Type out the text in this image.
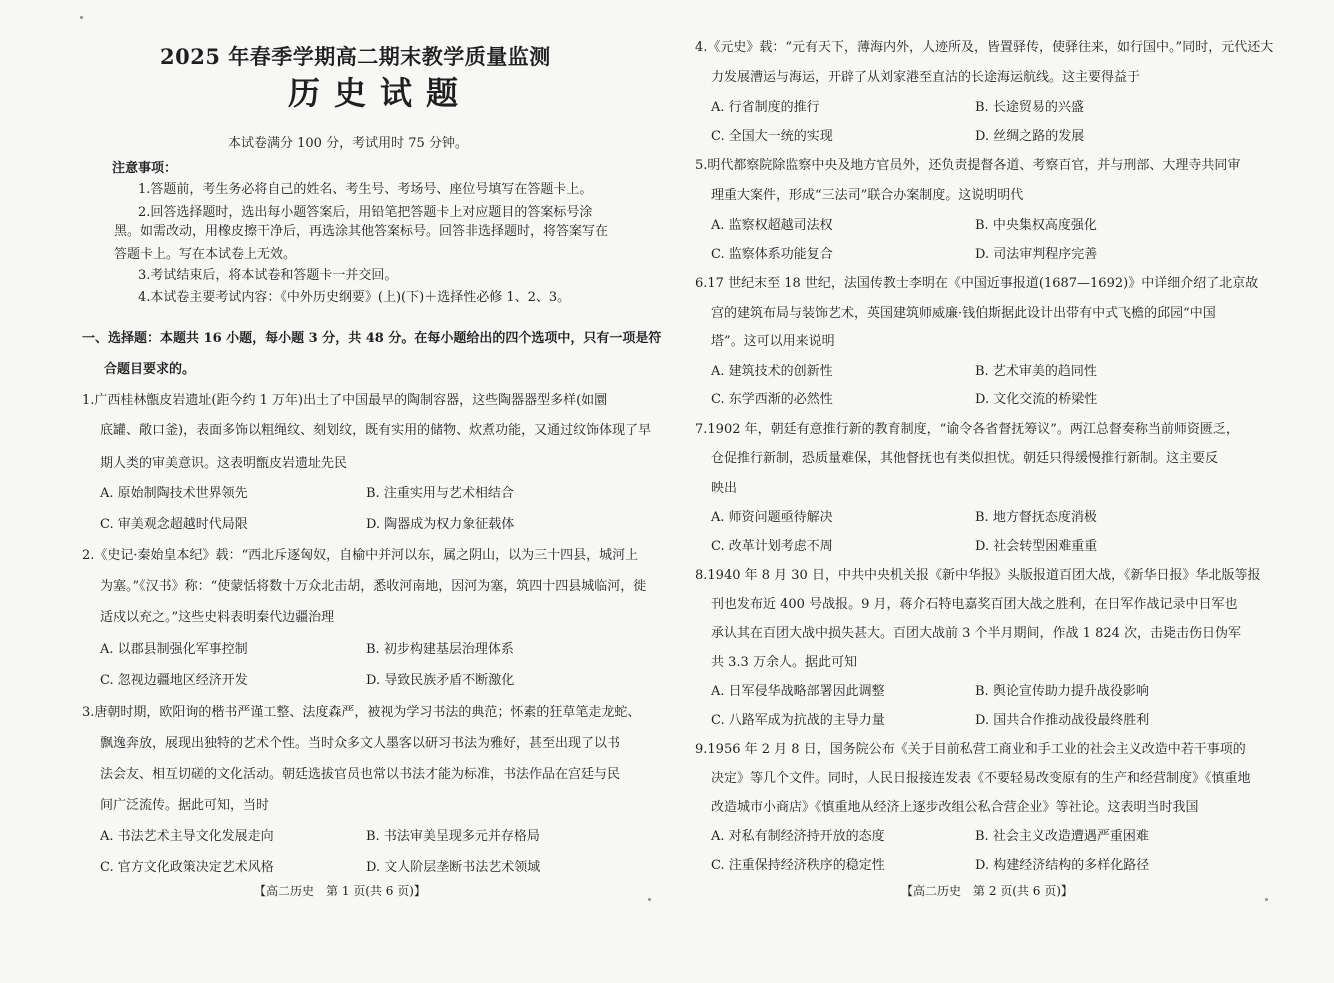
2025 年春季学期高二期末教学质量监测

历史试题

本试卷满分 100 分，考试用时 75 分钟。

注意事项：

1.答题前，考生务必将自己的姓名、考生号、考场号、座位号填写在答题卡上。

2.回答选择题时，选出每小题答案后，用铅笔把答题卡上对应题目的答案标号涂

黑。如需改动，用橡皮擦干净后，再选涂其他答案标号。回答非选择题时，将答案写在

答题卡上。写在本试卷上无效。

3.考试结束后，将本试卷和答题卡一并交回。

4.本试卷主要考试内容：《中外历史纲要》(上)(下)＋选择性必修 1、2、3。

一、选择题：本题共 16 小题，每小题 3 分，共 48 分。在每小题给出的四个选项中，只有一项是符

合题目要求的。

1.广西桂林甑皮岩遗址(距今约 1 万年)出土了中国最早的陶制容器，这些陶器器型多样(如圜

底罐、敞口釜)，表面多饰以粗绳纹、刻划纹，既有实用的储物、炊煮功能，又通过纹饰体现了早

期人类的审美意识。这表明甑皮岩遗址先民

A. 原始制陶技术世界领先	B. 注重实用与艺术相结合

C. 审美观念超越时代局限	D. 陶器成为权力象征载体

2.《史记·秦始皇本纪》载：“西北斥逐匈奴，自榆中并河以东，属之阴山，以为三十四县，城河上

为塞。”《汉书》称：“使蒙恬将数十万众北击胡，悉收河南地，因河为塞，筑四十四县城临河，徙

适戍以充之。”这些史料表明秦代边疆治理

A. 以郡县制强化军事控制	B. 初步构建基层治理体系

C. 忽视边疆地区经济开发	D. 导致民族矛盾不断激化

3.唐朝时期，欧阳询的楷书严谨工整、法度森严，被视为学习书法的典范；怀素的狂草笔走龙蛇、

飘逸奔放，展现出独特的艺术个性。当时众多文人墨客以研习书法为雅好，甚至出现了以书

法会友、相互切磋的文化活动。朝廷选拔官员也常以书法才能为标准，书法作品在宫廷与民

间广泛流传。据此可知，当时

A. 书法艺术主导文化发展走向	B. 书法审美呈现多元并存格局

C. 官方文化政策决定艺术风格	D. 文人阶层垄断书法艺术领域

【高二历史　第 1 页(共 6 页)】

4.《元史》载：“元有天下，薄海内外，人迹所及，皆置驿传，使驿往来，如行国中。”同时，元代还大

力发展漕运与海运，开辟了从刘家港至直沽的长途海运航线。这主要得益于

A. 行省制度的推行	B. 长途贸易的兴盛

C. 全国大一统的实现	D. 丝绸之路的发展

5.明代都察院除监察中央及地方官员外，还负责提督各道、考察百官，并与刑部、大理寺共同审

理重大案件，形成“三法司”联合办案制度。这说明明代

A. 监察权超越司法权	B. 中央集权高度强化

C. 监察体系功能复合	D. 司法审判程序完善

6.17 世纪末至 18 世纪，法国传教士李明在《中国近事报道(1687—1692)》中详细介绍了北京故

宫的建筑布局与装饰艺术，英国建筑师威廉·钱伯斯据此设计出带有中式飞檐的邱园“中国

塔”。这可以用来说明

A. 建筑技术的创新性	B. 艺术审美的趋同性

C. 东学西渐的必然性	D. 文化交流的桥梁性

7.1902 年，朝廷有意推行新的教育制度，“谕令各省督抚筹议”。两江总督奏称当前师资匮乏，

仓促推行新制，恐质量难保，其他督抚也有类似担忧。朝廷只得缓慢推行新制。这主要反

映出

A. 师资问题亟待解决	B. 地方督抚态度消极

C. 改革计划考虑不周	D. 社会转型困难重重

8.1940 年 8 月 30 日，中共中央机关报《新中华报》头版报道百团大战，《新华日报》华北版等报

刊也发布近 400 号战报。9 月，蒋介石特电嘉奖百团大战之胜利，在日军作战记录中日军也

承认其在百团大战中损失甚大。百团大战前 3 个半月期间，作战 1 824 次，击毙击伤日伪军

共 3.3 万余人。据此可知

A. 日军侵华战略部署因此调整	B. 舆论宣传助力提升战役影响

C. 八路军成为抗战的主导力量	D. 国共合作推动战役最终胜利

9.1956 年 2 月 8 日，国务院公布《关于目前私营工商业和手工业的社会主义改造中若干事项的

决定》等几个文件。同时，人民日报接连发表《不要轻易改变原有的生产和经营制度》《慎重地

改造城市小商店》《慎重地从经济上逐步改组公私合营企业》等社论。这表明当时我国

A. 对私有制经济持开放的态度	B. 社会主义改造遭遇严重困难

C. 注重保持经济秩序的稳定性	D. 构建经济结构的多样化路径

【高二历史　第 2 页(共 6 页)】
